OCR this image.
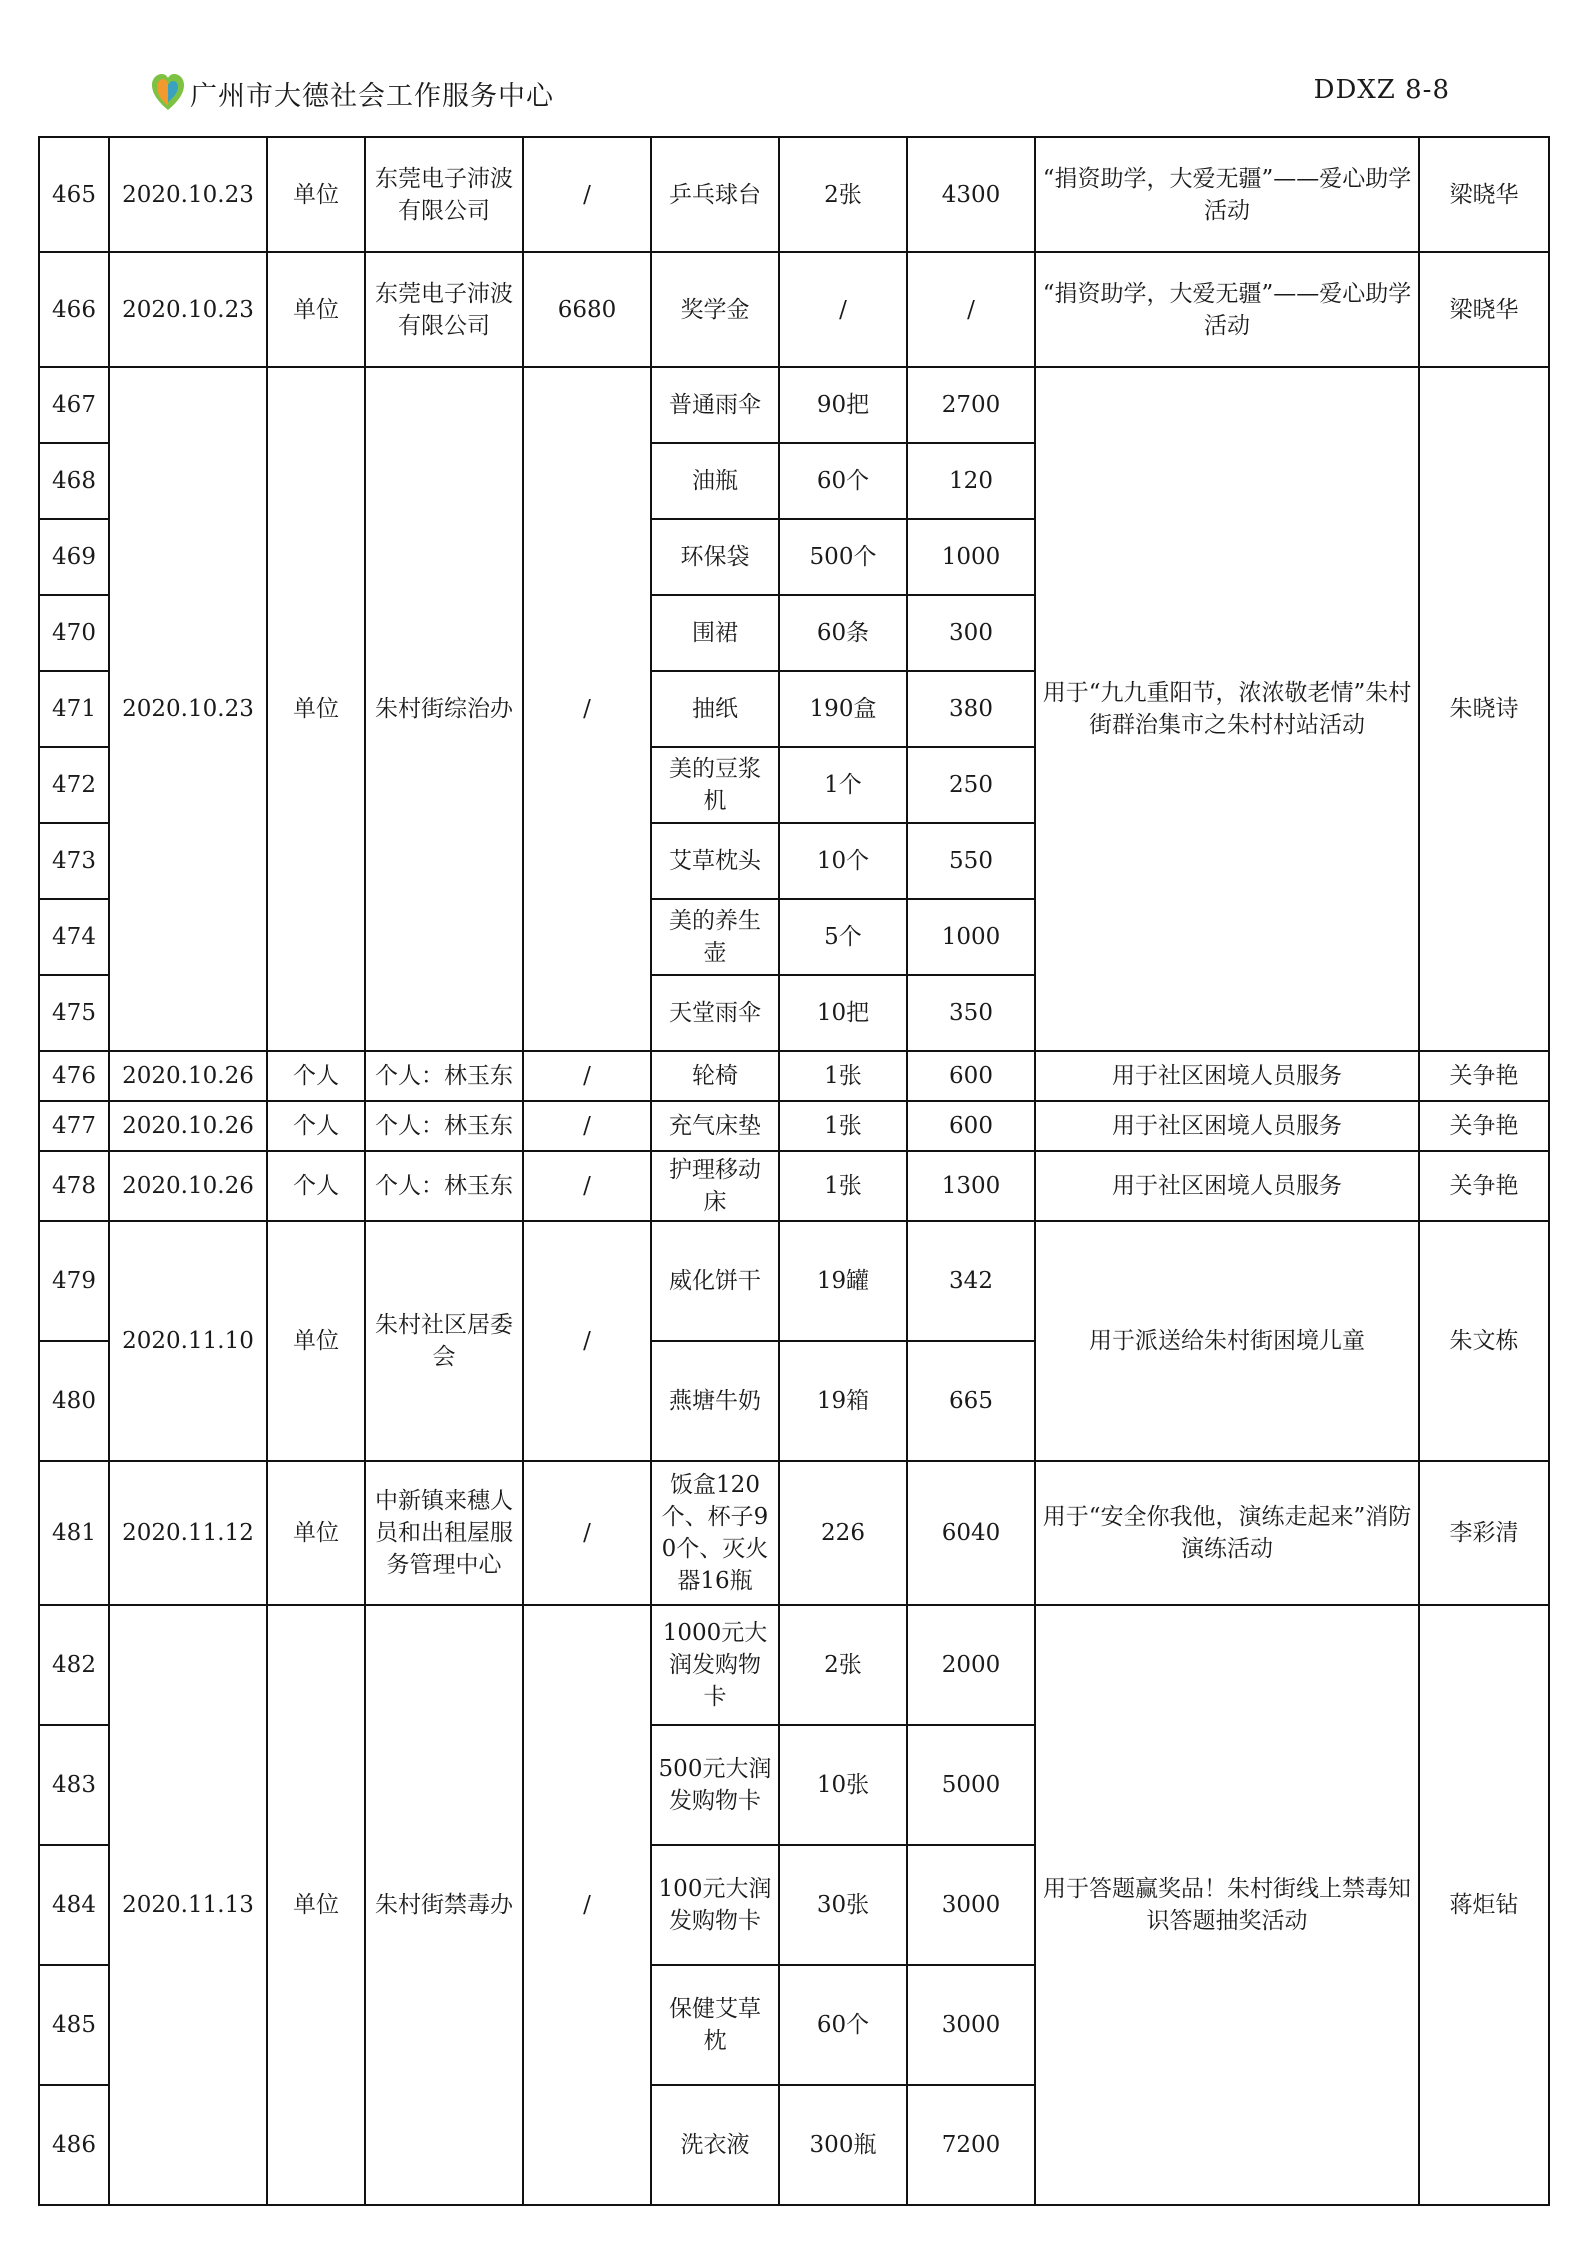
广州市大德社会工作服务中心	DDXZ 8-8
465	2020.10.23	单位	东莞电子沛波有限公司	/	乒乓球台	2张	4300	“捐资助学，大爱无疆”——爱心助学活动	梁晓华
466	2020.10.23	单位	东莞电子沛波有限公司	6680	奖学金	/	/	“捐资助学，大爱无疆”——爱心助学活动	梁晓华
467	2020.10.23	单位	朱村街综治办	/	普通雨伞	90把	2700	用于“九九重阳节，浓浓敬老情”朱村街群治集市之朱村村站活动	朱晓诗
468					油瓶	60个	120		
469					环保袋	500个	1000		
470					围裙	60条	300		
471					抽纸	190盒	380		
472					美的豆浆机	1个	250		
473					艾草枕头	10个	550		
474					美的养生壶	5个	1000		
475					天堂雨伞	10把	350		
476	2020.10.26	个人	个人：林玉东	/	轮椅	1张	600	用于社区困境人员服务	关争艳
477	2020.10.26	个人	个人：林玉东	/	充气床垫	1张	600	用于社区困境人员服务	关争艳
478	2020.10.26	个人	个人：林玉东	/	护理移动床	1张	1300	用于社区困境人员服务	关争艳
479	2020.11.10	单位	朱村社区居委会	/	威化饼干	19罐	342	用于派送给朱村街困境儿童	朱文栋
480					燕塘牛奶	19箱	665		
481	2020.11.12	单位	中新镇来穗人员和出租屋服务管理中心	/	饭盒120个、杯子90个、灭火器16瓶	226	6040	用于“安全你我他，演练走起来”消防演练活动	李彩清
482	2020.11.13	单位	朱村街禁毒办	/	1000元大润发购物卡	2张	2000	用于答题赢奖品！朱村街线上禁毒知识答题抽奖活动	蒋炬钻
483					500元大润发购物卡	10张	5000		
484					100元大润发购物卡	30张	3000		
485					保健艾草枕	60个	3000		
486					洗衣液	300瓶	7200		
